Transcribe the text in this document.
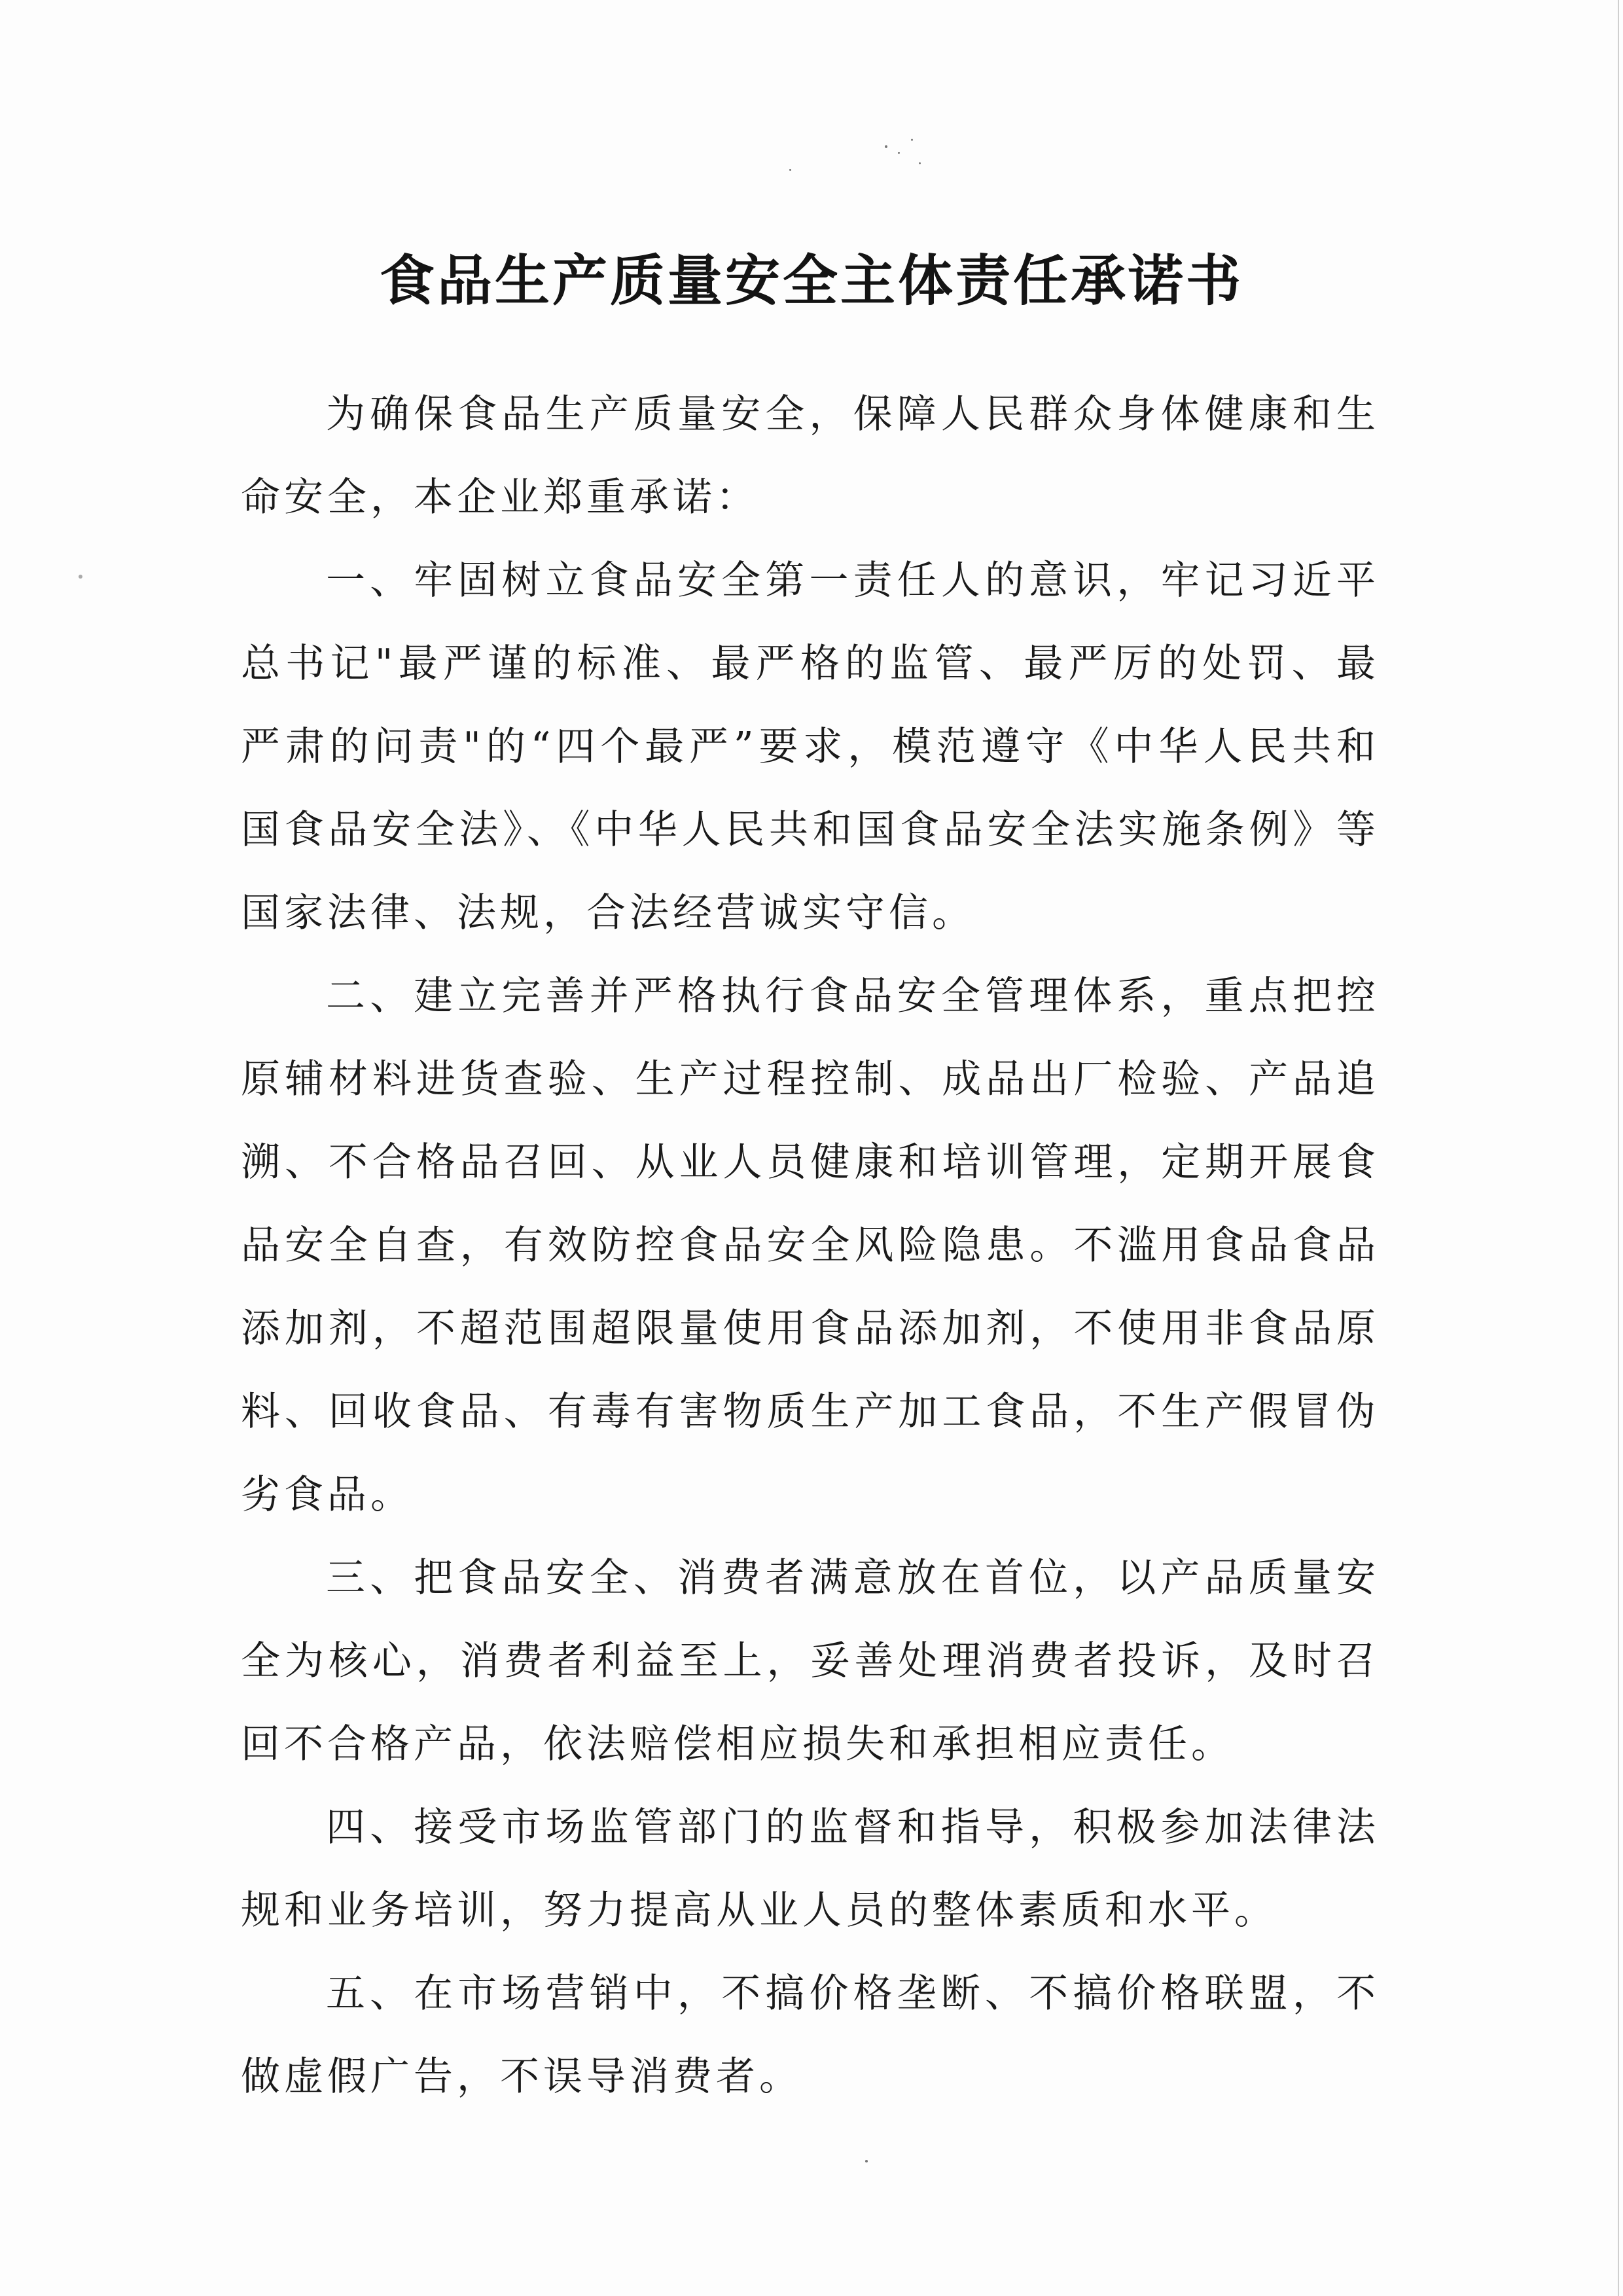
食品生产质量安全主体责任承诺书

为确保食品生产质量安全，保障人民群众身体健康和生命安全，本企业郑重承诺：

一、牢固树立食品安全第一责任人的意识，牢记习近平总书记"最严谨的标准、最严格的监管、最严厉的处罚、最严肃的问责"的“四个最严”要求，模范遵守《中华人民共和国食品安全法》、《中华人民共和国食品安全法实施条例》等国家法律、法规，合法经营诚实守信。

二、建立完善并严格执行食品安全管理体系，重点把控原辅材料进货查验、生产过程控制、成品出厂检验、产品追溯、不合格品召回、从业人员健康和培训管理，定期开展食品安全自查，有效防控食品安全风险隐患。不滥用食品食品添加剂，不超范围超限量使用食品添加剂，不使用非食品原料、回收食品、有毒有害物质生产加工食品，不生产假冒伪劣食品。

三、把食品安全、消费者满意放在首位，以产品质量安全为核心，消费者利益至上，妥善处理消费者投诉，及时召回不合格产品，依法赔偿相应损失和承担相应责任。

四、接受市场监管部门的监督和指导，积极参加法律法规和业务培训，努力提高从业人员的整体素质和水平。

五、在市场营销中，不搞价格垄断、不搞价格联盟，不做虚假广告，不误导消费者。
